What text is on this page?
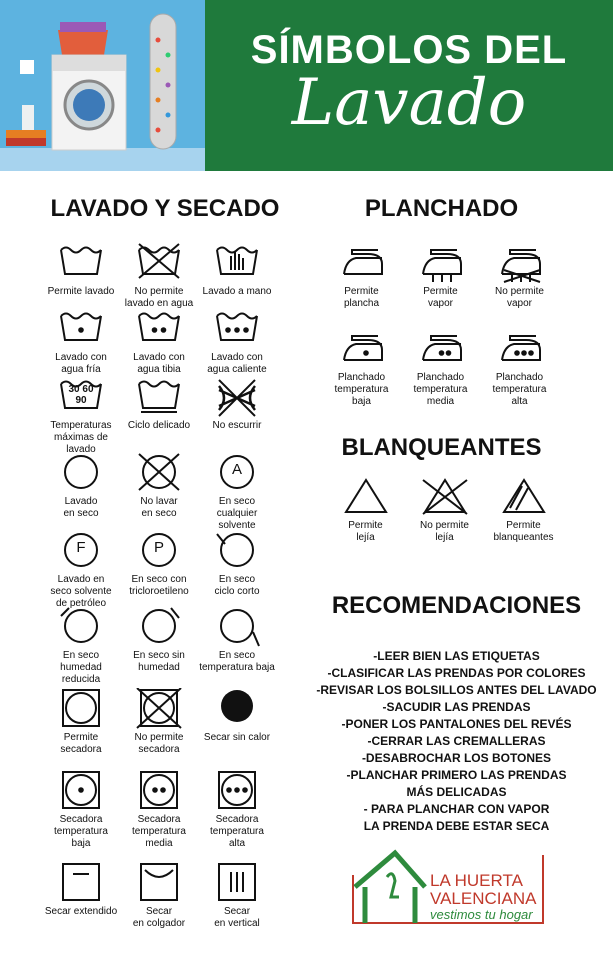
SÍMBOLOS DEL
Lavado
LAVADO Y SECADO	PLANCHADO
BLANQUEANTES
RECOMENDACIONES
Permite lavado	No permite
lavado en agua
Lavado a mano
Lavado con
agua fría
Lavado con
agua tibia
Lavado con
agua caliente
30 60
90
Temperaturas
máximas de lavado
Ciclo delicado	No escurrir
Lavado
en seco
No lavar
en seco
A
En seco cualquier
solvente
F
Lavado en
seco solvente
de petróleo
P
En seco con
tricloroetileno
En seco
ciclo corto
En seco
humedad
reducida
En seco sin
humedad
En seco
temperatura baja
Permite
secadora
No permite
secadora
Secar sin calor
Secadora
temperatura
baja
Secadora
temperatura
media
Secadora
temperatura
alta
Secar extendido	Secar
en colgador
Secar
en vertical
Permite
plancha
Permite
vapor
No permite
vapor
Planchado
temperatura
baja
Planchado
temperatura
media
Planchado
temperatura
alta
Permite
lejía
No permite
lejía
Permite
blanqueantes
-LEER BIEN LAS ETIQUETAS
-CLASIFICAR LAS PRENDAS POR COLORES
-REVISAR LOS BOLSILLOS ANTES DEL LAVADO
-SACUDIR LAS PRENDAS
-PONER LOS PANTALONES DEL REVÉS
-CERRAR LAS CREMALLERAS
-DESABROCHAR LOS BOTONES
-PLANCHAR PRIMERO LAS PRENDAS
MÁS DELICADAS
- PARA PLANCHAR CON VAPOR
LA PRENDA DEBE ESTAR SECA
LA HUERTA
VALENCIANA
vestimos tu hogar
